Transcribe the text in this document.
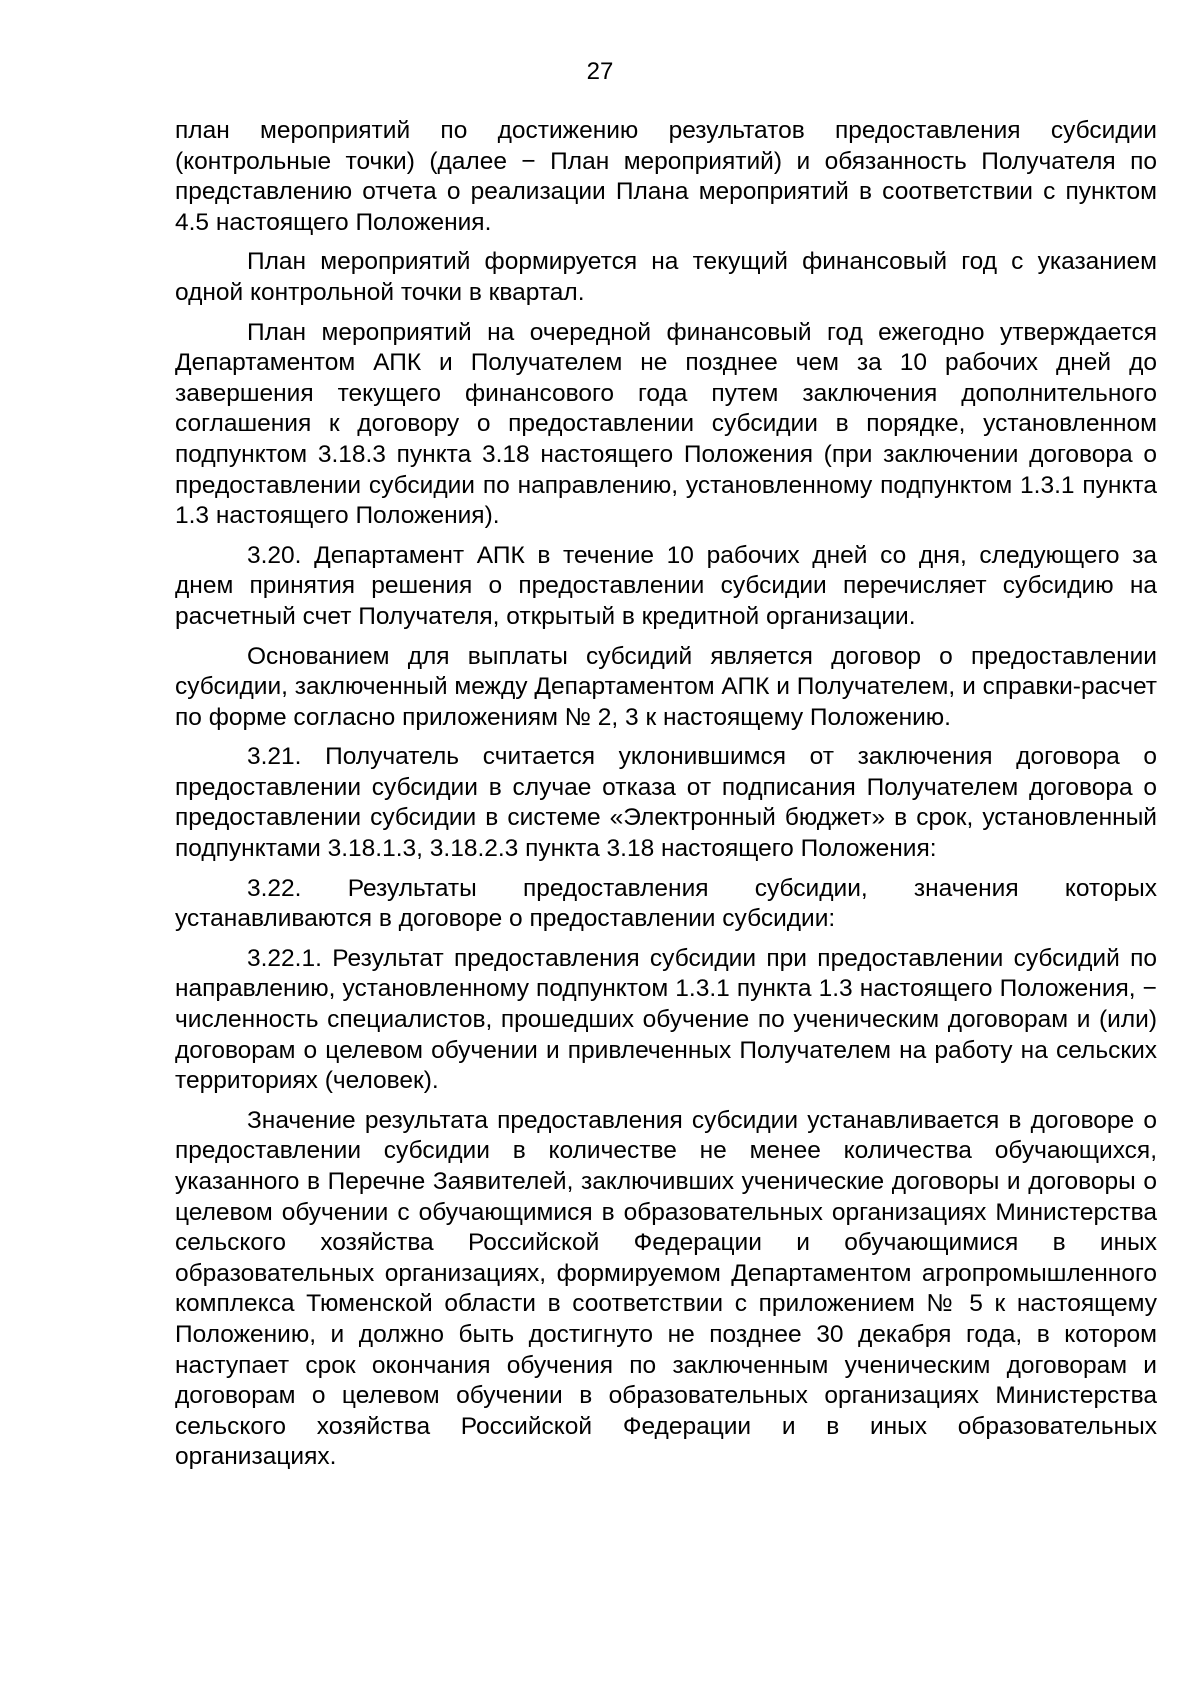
27

план мероприятий по достижению результатов предоставления субсидии (контрольные точки) (далее − План мероприятий) и обязанность Получателя по представлению отчета о реализации Плана мероприятий в соответствии с пунктом 4.5 настоящего Положения.

План мероприятий формируется на текущий финансовый год с указанием одной контрольной точки в квартал.

План мероприятий на очередной финансовый год ежегодно утверждается Департаментом АПК и Получателем не позднее чем за 10 рабочих дней до завершения текущего финансового года путем заключения дополнительного соглашения к договору о предоставлении субсидии в порядке, установленном подпунктом 3.18.3 пункта 3.18 настоящего Положения (при заключении договора о предоставлении субсидии по направлению, установленному подпунктом 1.3.1 пункта 1.3 настоящего Положения).

3.20. Департамент АПК в течение 10 рабочих дней со дня, следующего за днем принятия решения о предоставлении субсидии перечисляет субсидию на расчетный счет Получателя, открытый в кредитной организации.

Основанием для выплаты субсидий является договор о предоставлении субсидии, заключенный между Департаментом АПК и Получателем, и справки-расчет по форме согласно приложениям № 2, 3 к настоящему Положению.

3.21. Получатель считается уклонившимся от заключения договора о предоставлении субсидии в случае отказа от подписания Получателем договора о предоставлении субсидии в системе «Электронный бюджет» в срок, установленный подпунктами 3.18.1.3, 3.18.2.3 пункта 3.18 настоящего Положения:

3.22. Результаты предоставления субсидии, значения которых устанавливаются в договоре о предоставлении субсидии:

3.22.1. Результат предоставления субсидии при предоставлении субсидий по направлению, установленному подпунктом 1.3.1 пункта 1.3 настоящего Положения, − численность специалистов, прошедших обучение по ученическим договорам и (или) договорам о целевом обучении и привлеченных Получателем на работу на сельских территориях (человек).

Значение результата предоставления субсидии устанавливается в договоре о предоставлении субсидии в количестве не менее количества обучающихся, указанного в Перечне Заявителей, заключивших ученические договоры и договоры о целевом обучении с обучающимися в образовательных организациях Министерства сельского хозяйства Российской Федерации и обучающимися в иных образовательных организациях, формируемом Департаментом агропромышленного комплекса Тюменской области в соответствии с приложением № 5 к настоящему Положению, и должно быть достигнуто не позднее 30 декабря года, в котором наступает срок окончания обучения по заключенным ученическим договорам и договорам о целевом обучении в образовательных организациях Министерства сельского хозяйства Российской Федерации и в иных образовательных организациях.
